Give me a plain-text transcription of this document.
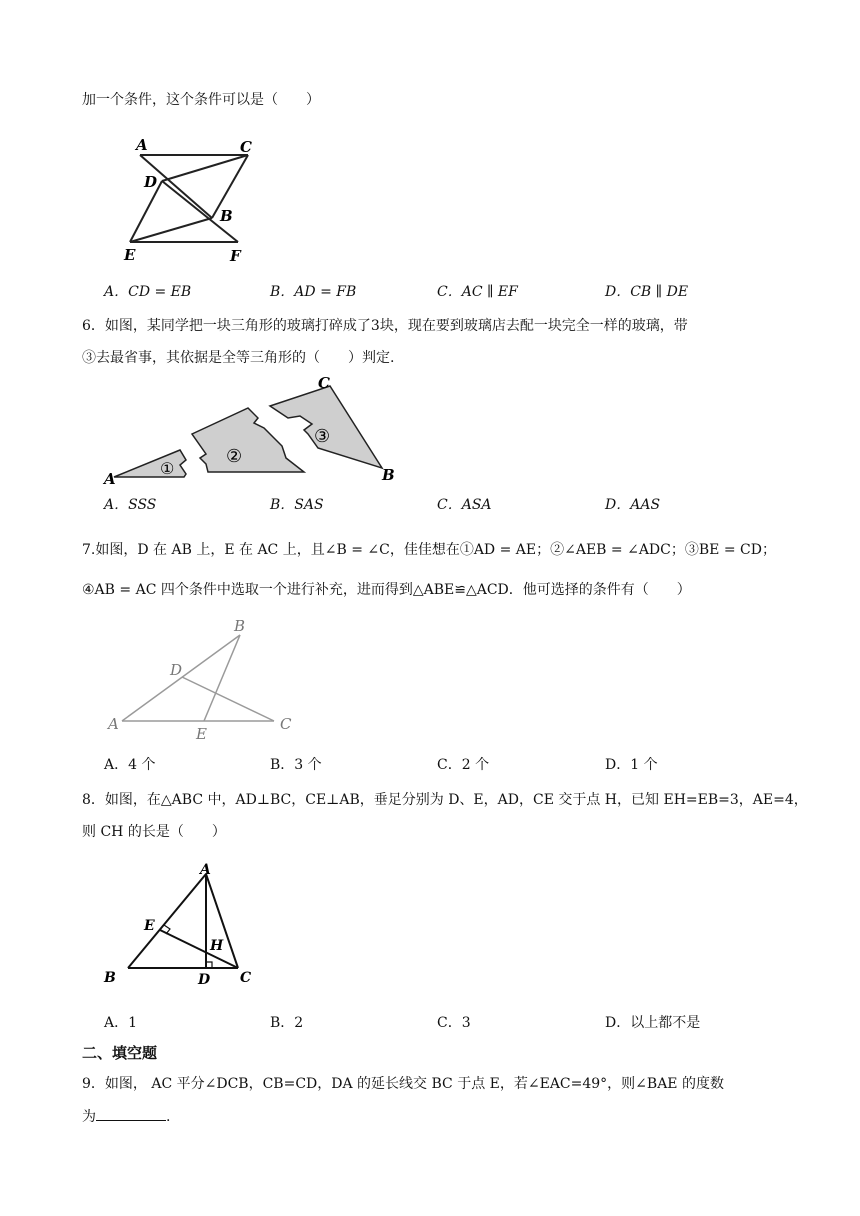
加一个条件，这个条件可以是（　　）
A	C
D
B
E	F
A．CD = EB	B．AD = FB	C．AC ∥ EF	D．CB ∥ DE
6．如图，某同学把一块三角形的玻璃打碎成了3块，现在要到玻璃店去配一块完全一样的玻璃，带
③去最省事，其依据是全等三角形的（　　）判定.
A	B
C
①
②
③
A．SSS	B．SAS	C．ASA	D．AAS
7.如图，D 在 AB 上，E 在 AC 上，且∠B = ∠C，佳佳想在①AD = AE；②∠AEB = ∠ADC；③BE = CD；
④AB = AC 四个条件中选取一个进行补充，进而得到△ABE≌△ACD．他可选择的条件有（　　）
A
B
C
D
E
A．4 个	B．3 个	C．2 个	D．1 个
8．如图，在△ABC 中，AD⊥BC，CE⊥AB，垂足分别为 D、E，AD，CE 交于点 H，已知 EH=EB=3，AE=4，
则 CH 的长是（　　）
A
B	C
D
E
H
A．1	B．2	C．3	D．以上都不是
二、填空题
9．如图， AC 平分∠DCB，CB=CD，DA 的延长线交 BC 于点 E，若∠EAC=49°，则∠BAE 的度数
为	.
